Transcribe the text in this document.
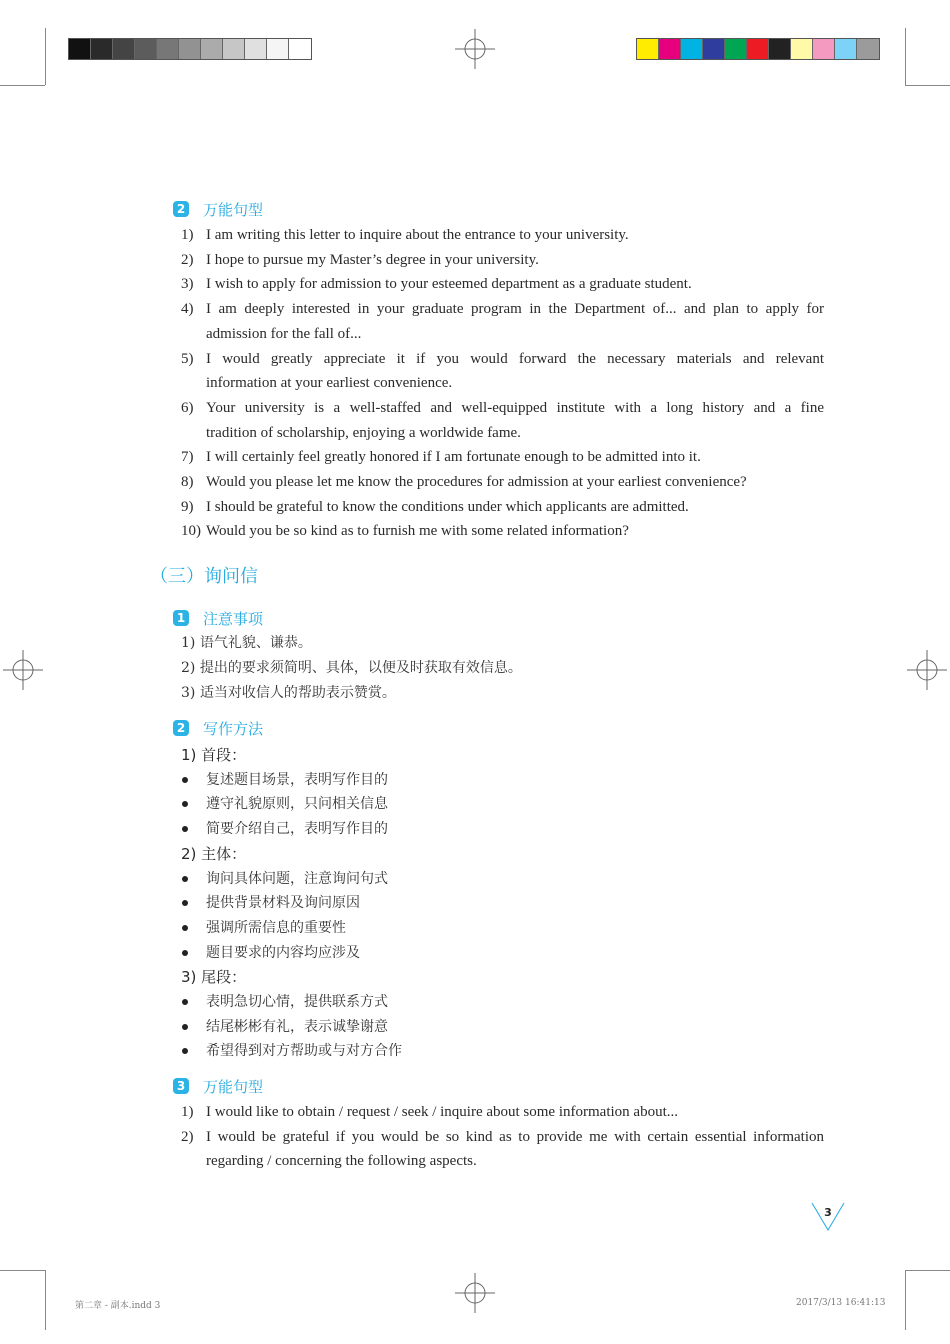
2 万能句型
1) I am writing this letter to inquire about the entrance to your university.
2) I hope to pursue my Master’s degree in your university.
3) I wish to apply for admission to your esteemed department as a graduate student.
4) I am deeply interested in your graduate program in the Department of... and plan to apply for
admission for the fall of...
5) I would greatly appreciate it if you would forward the necessary materials and relevant
information at your earliest convenience.
6) Your university is a well-staffed and well-equipped institute with a long history and a fine
tradition of scholarship, enjoying a worldwide fame.
7) I will certainly feel greatly honored if I am fortunate enough to be admitted into it.
8) Would you please let me know the procedures for admission at your earliest convenience?
9) I should be grateful to know the conditions under which applicants are admitted.
10) Would you be so kind as to furnish me with some related information?
（三）询问信
1 注意事项
1) 语气礼貌、谦恭。
2) 提出的要求须简明、具体，以便及时获取有效信息。
3) 适当对收信人的帮助表示赞赏。
2 写作方法
1) 首段：
复述题目场景，表明写作目的
遵守礼貌原则，只问相关信息
简要介绍自己，表明写作目的
2) 主体：
询问具体问题，注意询问句式
提供背景材料及询问原因
强调所需信息的重要性
题目要求的内容均应涉及
3) 尾段：
表明急切心情，提供联系方式
结尾彬彬有礼，表示诚挚谢意
希望得到对方帮助或与对方合作
3 万能句型
1) I would like to obtain / request / seek / inquire about some information about...
2) I would be grateful if you would be so kind as to provide me with certain essential information
regarding / concerning the following aspects.
3
第二章 - 副本.indd 3	2017/3/13 16:41:13
